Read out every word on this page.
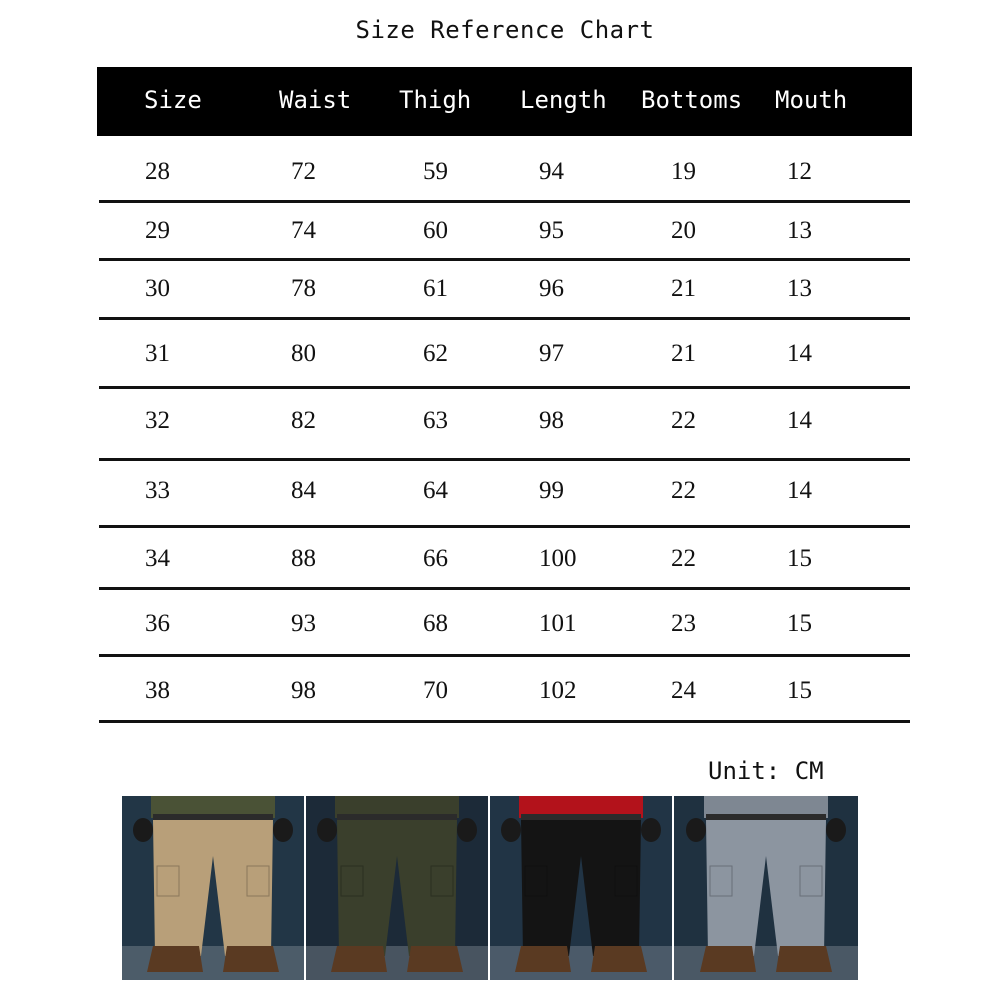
Size Reference Chart
Size	Waist Thigh Length Bottoms Mouth
28	72	59	94	19	12
29	74	60	95	20	13
30	78	61	96	21	13
31	80	62	97	21	14
32	82	63	98	22	14
33	84	64	99	22	14
34	88	66	100	22	15
36	93	68	101	23	15
38	98	70	102	24	15
Unit: CM
